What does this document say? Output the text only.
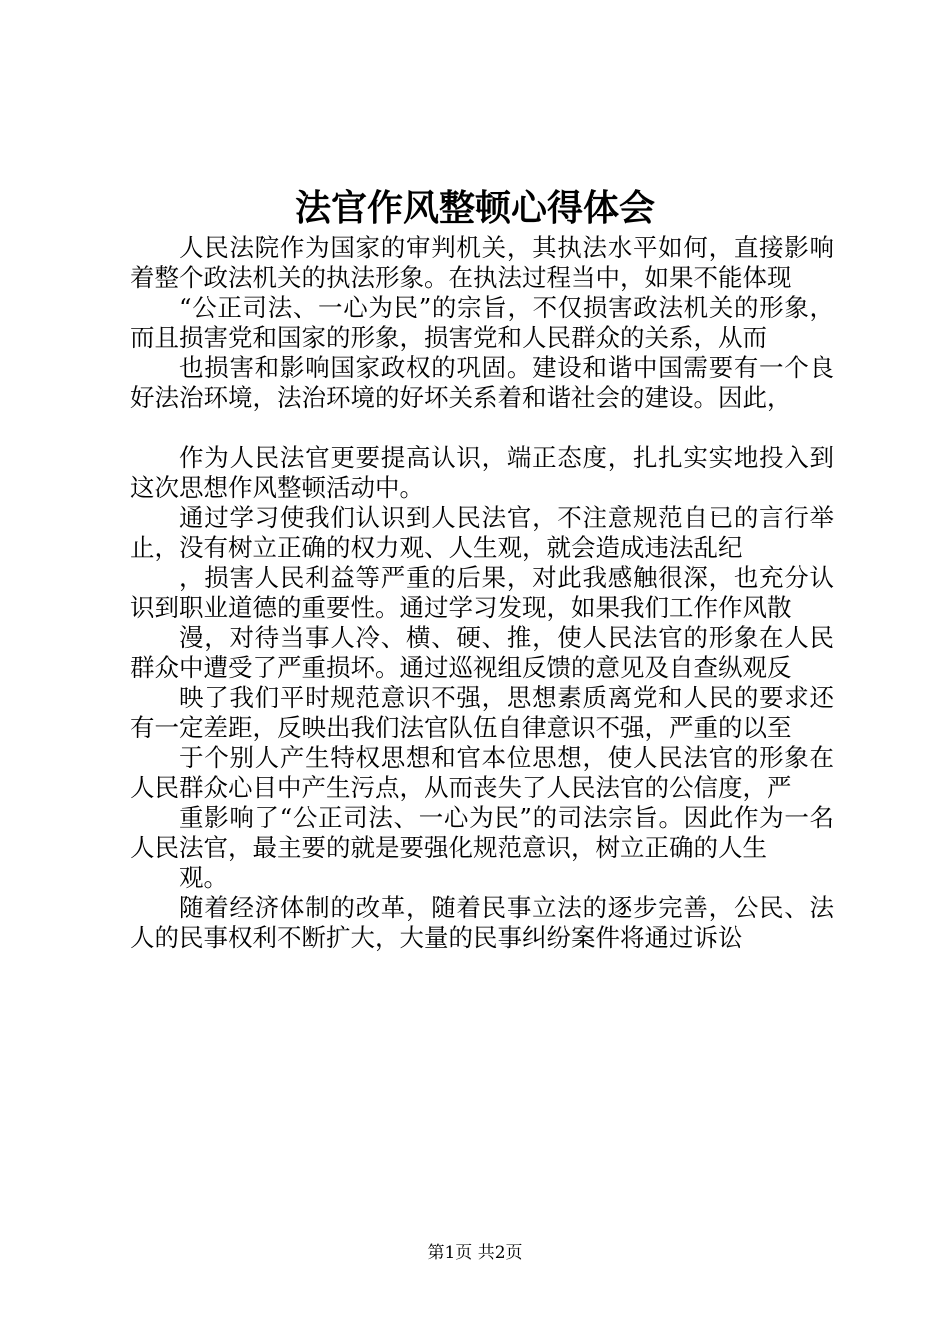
法官作风整顿心得体会

人民法院作为国家的审判机关，其执法水平如何，直接影响着整个政法机关的执法形象。在执法过程当中，如果不能体现

“公正司法、一心为民”的宗旨，不仅损害政法机关的形象，而且损害党和国家的形象，损害党和人民群众的关系，从而

也损害和影响国家政权的巩固。建设和谐中国需要有一个良好法治环境，法治环境的好坏关系着和谐社会的建设。因此，

作为人民法官更要提高认识，端正态度，扎扎实实地投入到这次思想作风整顿活动中。

通过学习使我们认识到人民法官，不注意规范自已的言行举止，没有树立正确的权力观、人生观，就会造成违法乱纪

，损害人民利益等严重的后果，对此我感触很深，也充分认识到职业道德的重要性。通过学习发现，如果我们工作作风散

漫，对待当事人冷、横、硬、推，使人民法官的形象在人民群众中遭受了严重损坏。通过巡视组反馈的意见及自查纵观反

映了我们平时规范意识不强，思想素质离党和人民的要求还有一定差距，反映出我们法官队伍自律意识不强，严重的以至

于个别人产生特权思想和官本位思想，使人民法官的形象在人民群众心目中产生污点，从而丧失了人民法官的公信度，严

重影响了“公正司法、一心为民”的司法宗旨。因此作为一名人民法官，最主要的就是要强化规范意识，树立正确的人生

观。

随着经济体制的改革，随着民事立法的逐步完善，公民、法人的民事权利不断扩大，大量的民事纠纷案件将通过诉讼

第1页 共2页
